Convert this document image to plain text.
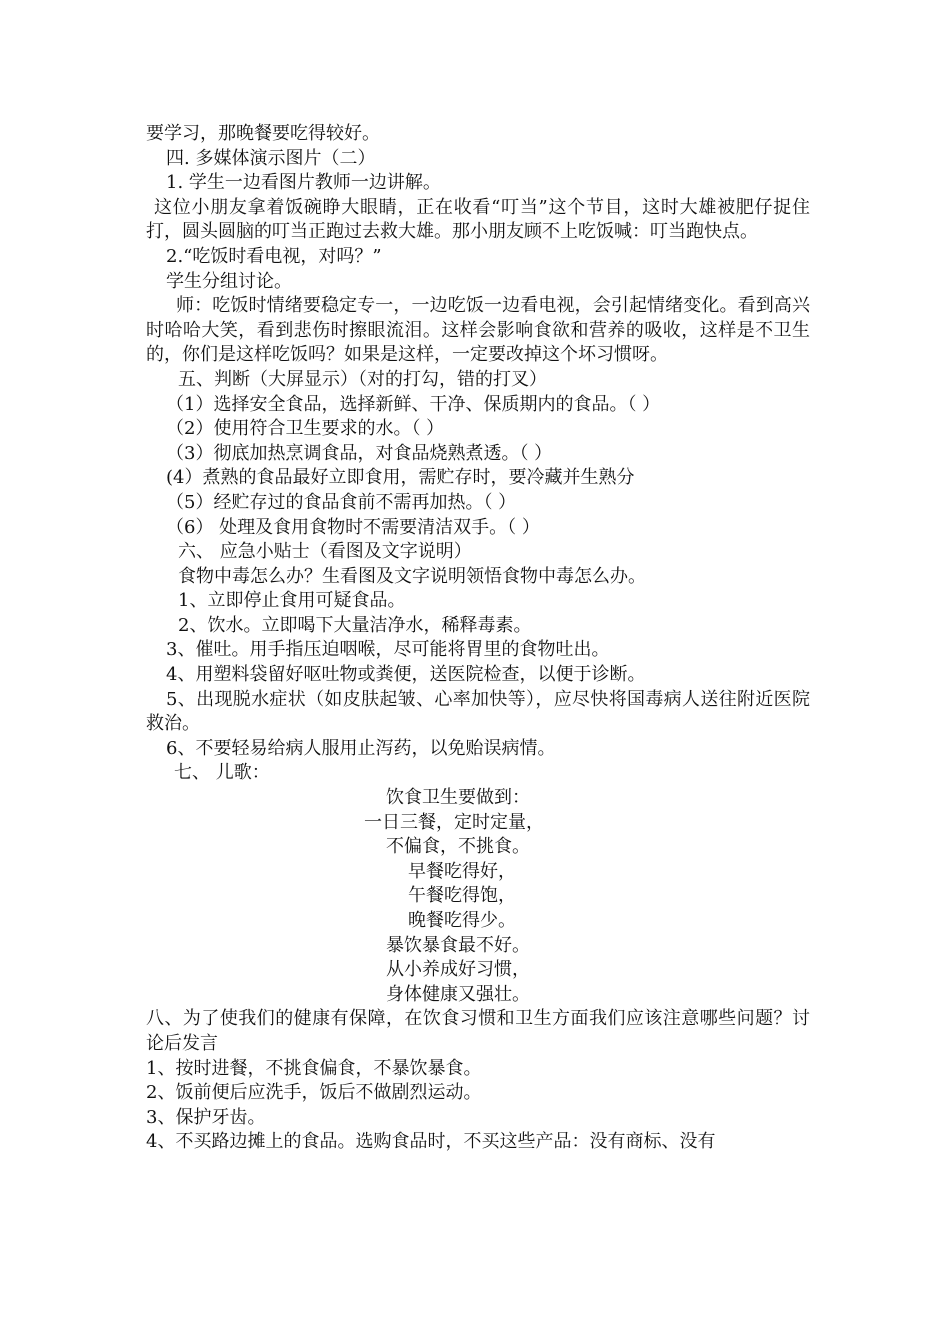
要学习，那晚餐要吃得较好。
四. 多媒体演示图片（二）
1. 学生一边看图片教师一边讲解。
这位小朋友拿着饭碗睁大眼睛，正在收看“叮当”这个节目，这时大雄被肥仔捉住打，圆头圆脑的叮当正跑过去救大雄。那小朋友顾不上吃饭喊：叮当跑快点。
2.“吃饭时看电视，对吗？”
学生分组讨论。
师：吃饭时情绪要稳定专一，一边吃饭一边看电视，会引起情绪变化。看到高兴时哈哈大笑，看到悲伤时擦眼流泪。这样会影响食欲和营养的吸收，这样是不卫生的，你们是这样吃饭吗？如果是这样，一定要改掉这个坏习惯呀。
五、判断（大屏显示）（对的打勾，错的打叉）
（1）选择安全食品，选择新鲜、干净、保质期内的食品。（ ）
（2）使用符合卫生要求的水。（ ）
（3）彻底加热烹调食品，对食品烧熟煮透。（ ）
(4）煮熟的食品最好立即食用，需贮存时，要冷藏并生熟分
（5）经贮存过的食品食前不需再加热。（ ）
（6） 处理及食用食物时不需要清洁双手。（ ）
六、 应急小贴士（看图及文字说明）
食物中毒怎么办？生看图及文字说明领悟食物中毒怎么办。
1、立即停止食用可疑食品。
2、饮水。立即喝下大量洁净水，稀释毒素。
3、催吐。用手指压迫咽喉，尽可能将胃里的食物吐出。
4、用塑料袋留好呕吐物或粪便，送医院检查，以便于诊断。
5、出现脱水症状（如皮肤起皱、心率加快等），应尽快将国毒病人送往附近医院救治。
6、不要轻易给病人服用止泻药，以免贻误病情。
七、 儿歌：
饮食卫生要做到：
一日三餐，定时定量，
不偏食，不挑食。
早餐吃得好，
午餐吃得饱，
晚餐吃得少。
暴饮暴食最不好。
从小养成好习惯，
身体健康又强壮。
八、为了使我们的健康有保障，在饮食习惯和卫生方面我们应该注意哪些问题？讨论后发言
1、按时进餐，不挑食偏食，不暴饮暴食。
2、饭前便后应洗手，饭后不做剧烈运动。
3、保护牙齿。
4、不买路边摊上的食品。选购食品时，不买这些产品：没有商标、没有
